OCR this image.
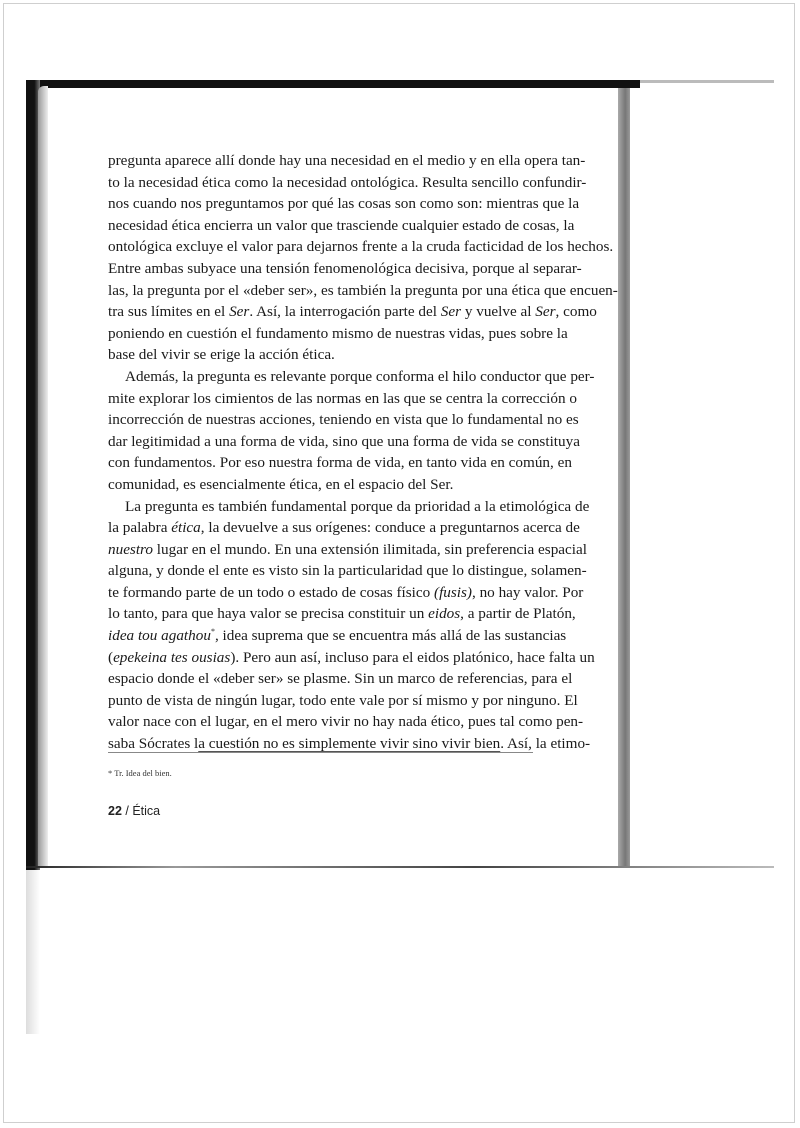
pregunta aparece allí donde hay una necesidad en el medio y en ella opera tan-
to la necesidad ética como la necesidad ontológica. Resulta sencillo confundir-
nos cuando nos preguntamos por qué las cosas son como son: mientras que la
necesidad ética encierra un valor que trasciende cualquier estado de cosas, la
ontológica excluye el valor para dejarnos frente a la cruda facticidad de los hechos.
Entre ambas subyace una tensión fenomenológica decisiva, porque al separar-
las, la pregunta por el «deber ser», es también la pregunta por una ética que encuen-
tra sus límites en el Ser. Así, la interrogación parte del Ser y vuelve al Ser, como
poniendo en cuestión el fundamento mismo de nuestras vidas, pues sobre la
base del vivir se erige la acción ética.
Además, la pregunta es relevante porque conforma el hilo conductor que per-
mite explorar los cimientos de las normas en las que se centra la corrección o
incorrección de nuestras acciones, teniendo en vista que lo fundamental no es
dar legitimidad a una forma de vida, sino que una forma de vida se constituya
con fundamentos. Por eso nuestra forma de vida, en tanto vida en común, en
comunidad, es esencialmente ética, en el espacio del Ser.
La pregunta es también fundamental porque da prioridad a la etimológica de
la palabra ética, la devuelve a sus orígenes: conduce a preguntarnos acerca de
nuestro lugar en el mundo. En una extensión ilimitada, sin preferencia espacial
alguna, y donde el ente es visto sin la particularidad que lo distingue, solamen-
te formando parte de un todo o estado de cosas físico (fusis), no hay valor. Por
lo tanto, para que haya valor se precisa constituir un eidos, a partir de Platón,
idea tou agathou*, idea suprema que se encuentra más allá de las sustancias
(epekeina tes ousias). Pero aun así, incluso para el eidos platónico, hace falta un
espacio donde el «deber ser» se plasme. Sin un marco de referencias, para el
punto de vista de ningún lugar, todo ente vale por sí mismo y por ninguno. El
valor nace con el lugar, en el mero vivir no hay nada ético, pues tal como pen-
saba Sócrates la cuestión no es simplemente vivir sino vivir bien. Así, la etimo-
* Tr. Idea del bien.
22 / Ética
